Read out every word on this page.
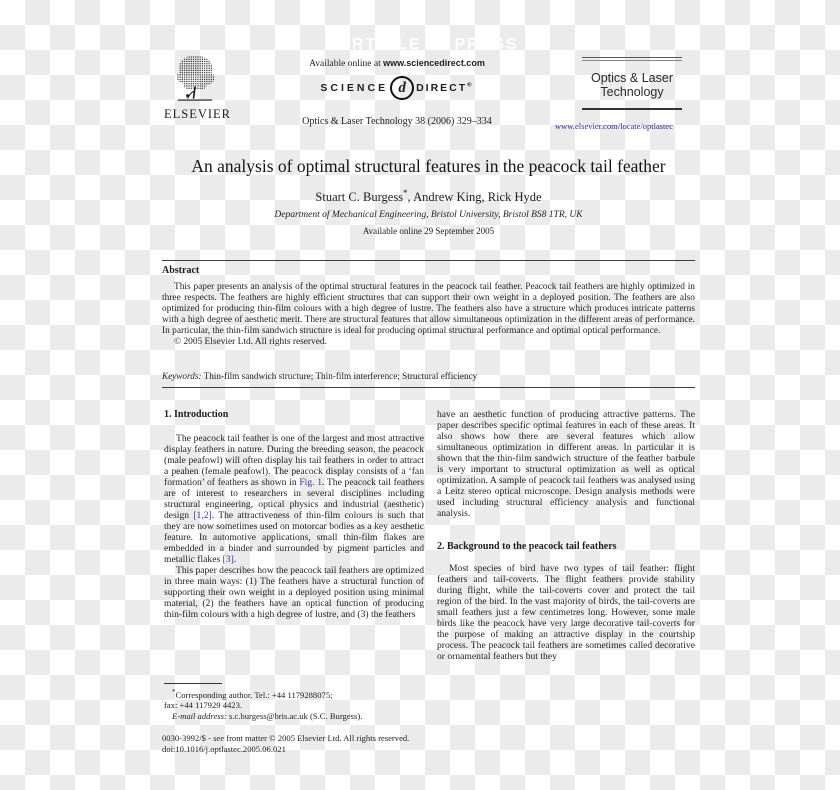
ARTICLE IN PRESS
ELSEVIER
Available online at www.sciencedirect.com
SCIENCE d DIRECT®
Optics & Laser Technology 38 (2006) 329–334
Optics & Laser Technology
www.elsevier.com/locate/optlastec
An analysis of optimal structural features in the peacock tail feather
Stuart C. Burgess*, Andrew King, Rick Hyde
Department of Mechanical Engineering, Bristol University, Bristol BS8 1TR, UK
Available online 29 September 2005
Abstract

This paper presents an analysis of the optimal structural features in the peacock tail feather. Peacock tail feathers are highly optimized in three respects. The feathers are highly efficient structures that can support their own weight in a deployed position. The feathers are also optimized for producing thin-film colours with a high degree of lustre. The feathers also have a structure which produces intricate patterns with a high degree of aesthetic merit. There are structural features that allow simultaneous optimization in the different areas of performance. In particular, the thin-film sandwich structure is ideal for producing optimal structural performance and optimal optical performance.

© 2005 Elsevier Ltd. All rights reserved.

Keywords: Thin-film sandwich structure; Thin-film interference; Structural efficiency
1. Introduction

The peacock tail feather is one of the largest and most attractive display feathers in nature. During the breeding season, the peacock (male peafowl) will often display his tail feathers in order to attract a peahen (female peafowl). The peacock display consists of a ‘fan formation’ of feathers as shown in Fig. 1. The peacock tail feathers are of interest to researchers in several disciplines including structural engineering, optical physics and industrial (aesthetic) design [1,2]. The attractiveness of thin-film colours is such that they are now sometimes used on motorcar bodies as a key aesthetic feature. In automotive applications, small thin-film flakes are embedded in a binder and surrounded by pigment particles and metallic flakes [3].

This paper describes how the peacock tail feathers are optimized in three main ways: (1) The feathers have a structural function of supporting their own weight in a deployed position using minimal material, (2) the feathers have an optical function of producing thin-film colours with a high degree of lustre, and (3) the feathers

*Corresponding author. Tel.: +44 1179288075;
fax: +44 117929 4423.
E-mail address: s.c.burgess@bris.ac.uk (S.C. Burgess).

have an aesthetic function of producing attractive patterns. The paper describes specific optimal features in each of these areas. It also shows how there are several features which allow simultaneous optimization in different areas. In particular it is shown that the thin-film sandwich structure of the feather barbule is very important to structural optimization as well as optical optimization. A sample of peacock tail feathers was analysed using a Leitz stereo optical microscope. Design analysis methods were used including structural efficiency analysis and functional analysis.

2. Background to the peacock tail feathers

Most species of bird have two types of tail feather: flight feathers and tail-coverts. The flight feathers provide stability during flight, while the tail-coverts cover and protect the tail region of the bird. In the vast majority of birds, the tail-coverts are small feathers just a few centimetres long. However, some male birds like the peacock have very large decorative tail-coverts for the purpose of making an attractive display in the courtship process. The peacock tail feathers are sometimes called decorative or ornamental feathers but they

0030-3992/$ - see front matter © 2005 Elsevier Ltd. All rights reserved.
doi:10.1016/j.optlastec.2005.06.021
